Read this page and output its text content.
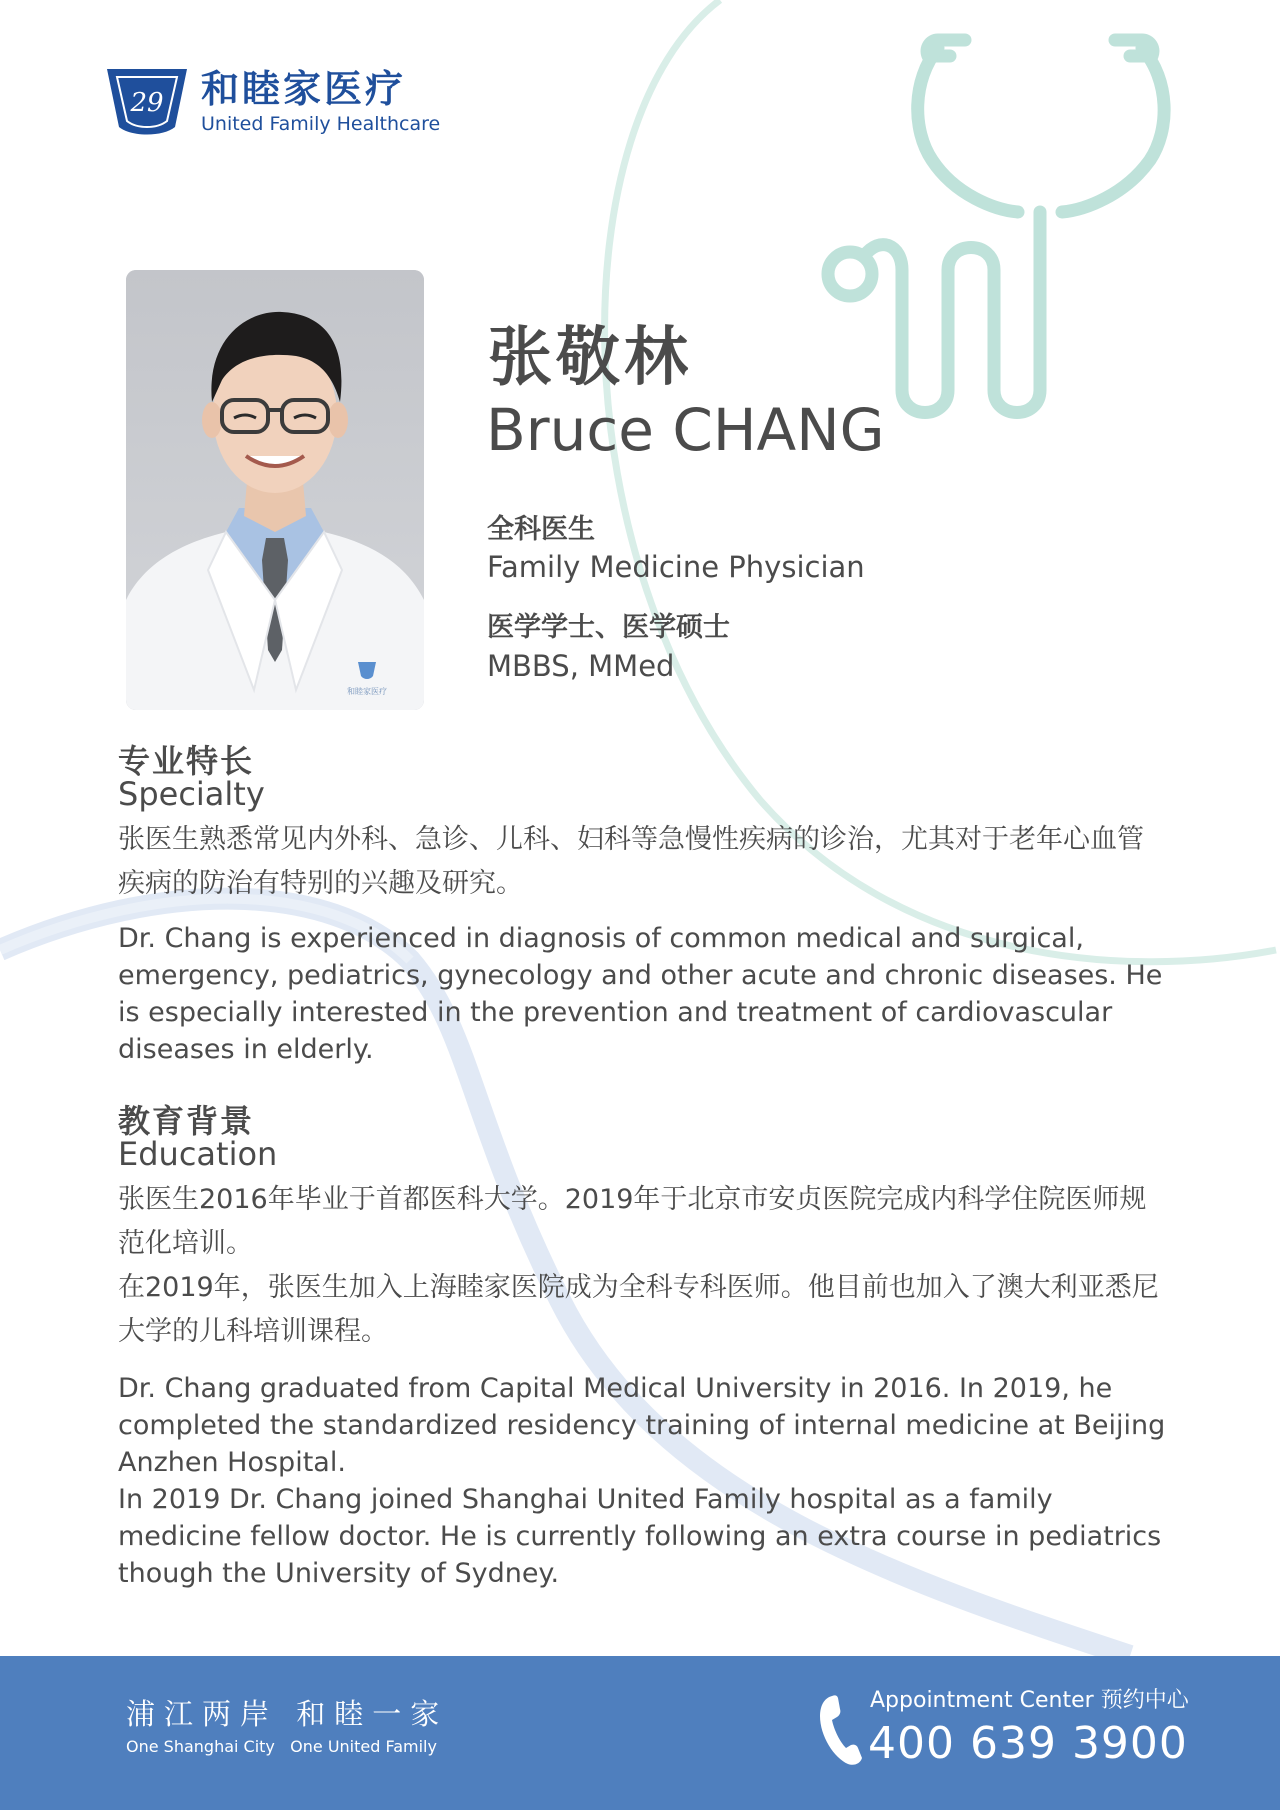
29 和睦家医疗
United Family Healthcare
和睦家医疗
张敬林
Bruce CHANG
全科医生
Family Medicine Physician
医学学士、医学硕士
MBBS, MMed
专业特长
Specialty
张医生熟悉常见内外科、急诊、儿科、妇科等急慢性疾病的诊治，尤其对于老年心血管疾病的防治有特别的兴趣及研究。
Dr. Chang is experienced in diagnosis of common medical and surgical, emergency, pediatrics, gynecology and other acute and chronic diseases. He is especially interested in the prevention and treatment of cardiovascular diseases in elderly.
教育背景
Education
张医生2016年毕业于首都医科大学。2019年于北京市安贞医院完成内科学住院医师规范化培训。
在2019年，张医生加入上海睦家医院成为全科专科医师。他目前也加入了澳大利亚悉尼大学的儿科培训课程。
Dr. Chang graduated from Capital Medical University in 2016. In 2019, he completed the standardized residency training of internal medicine at Beijing Anzhen Hospital.
In 2019 Dr. Chang joined Shanghai United Family hospital as a family medicine fellow doctor. He is currently following an extra course in pediatrics though the University of Sydney.
浦江两岸 和睦一家
One Shanghai City   One United Family
Appointment Center 预约中心
400 639 3900
